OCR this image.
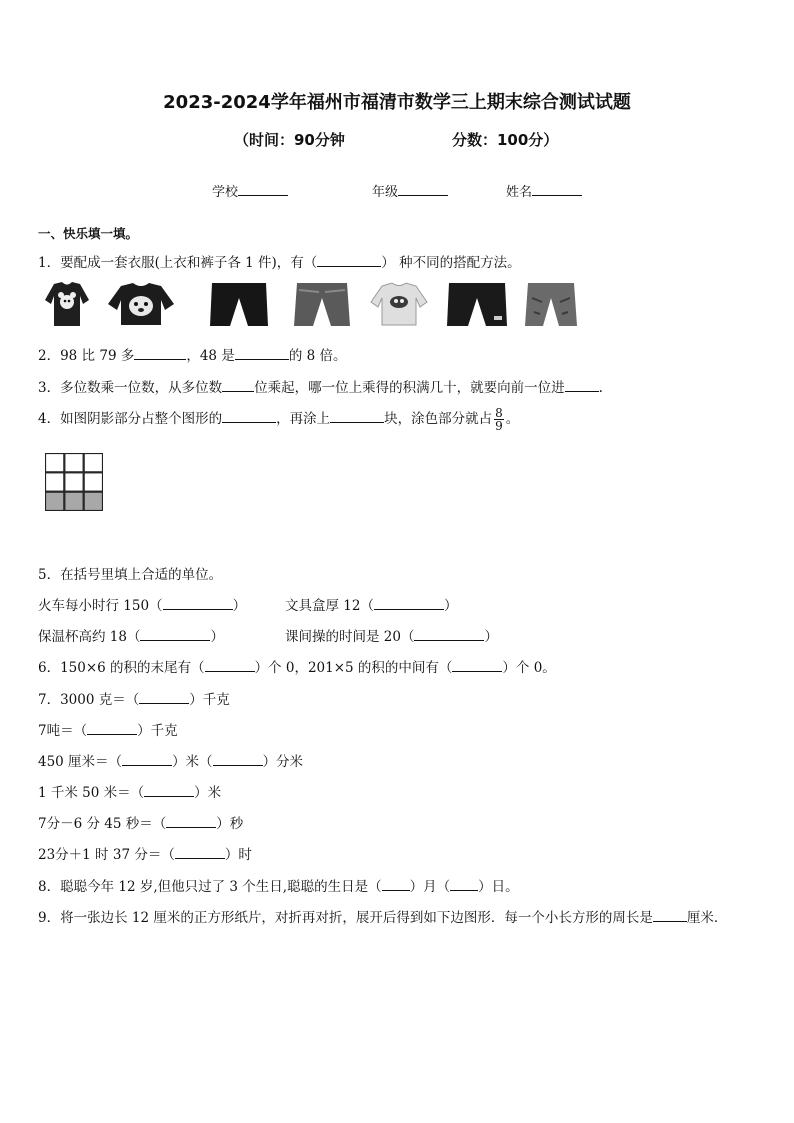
2023-2024学年福州市福清市数学三上期末综合测试试题
（时间：90分钟	分数：100分）
学校	年级	姓名
一、快乐填一填。
1．要配成一套衣服(上衣和裤子各 1 件)，有（	） 种不同的搭配方法。
2．98 比 79 多	，48 是	的 8 倍。
3．多位数乘一位数，从多位数 位乘起，哪一位上乘得的积满几十，就要向前一位进	.
4．如图阴影部分占整个图形的	，再涂上	块，涂色部分就占 $\frac{8}{9}$ 。
5．在括号里填上合适的单位。
火车每小时行 150（	）	文具盒厚 12（	）
保温杯高约 18（	）	课间操的时间是 20（	）
6．150×6 的积的末尾有（	）个 0，201×5 的积的中间有（	）个 0。
7．3000 克＝（	）千克
7吨＝（	）千克
450 厘米＝（	）米（	）分米
1 千米 50 米＝（	）米
7分－6 分 45 秒＝（	）秒
23分＋1 时 37 分＝（	）时
8．聪聪今年 12 岁,但他只过了 3 个生日,聪聪的生日是（ ）月（ ）日。
9．将一张边长 12 厘米的正方形纸片，对折再对折，展开后得到如下边图形．每一个小长方形的周长是	厘米．
